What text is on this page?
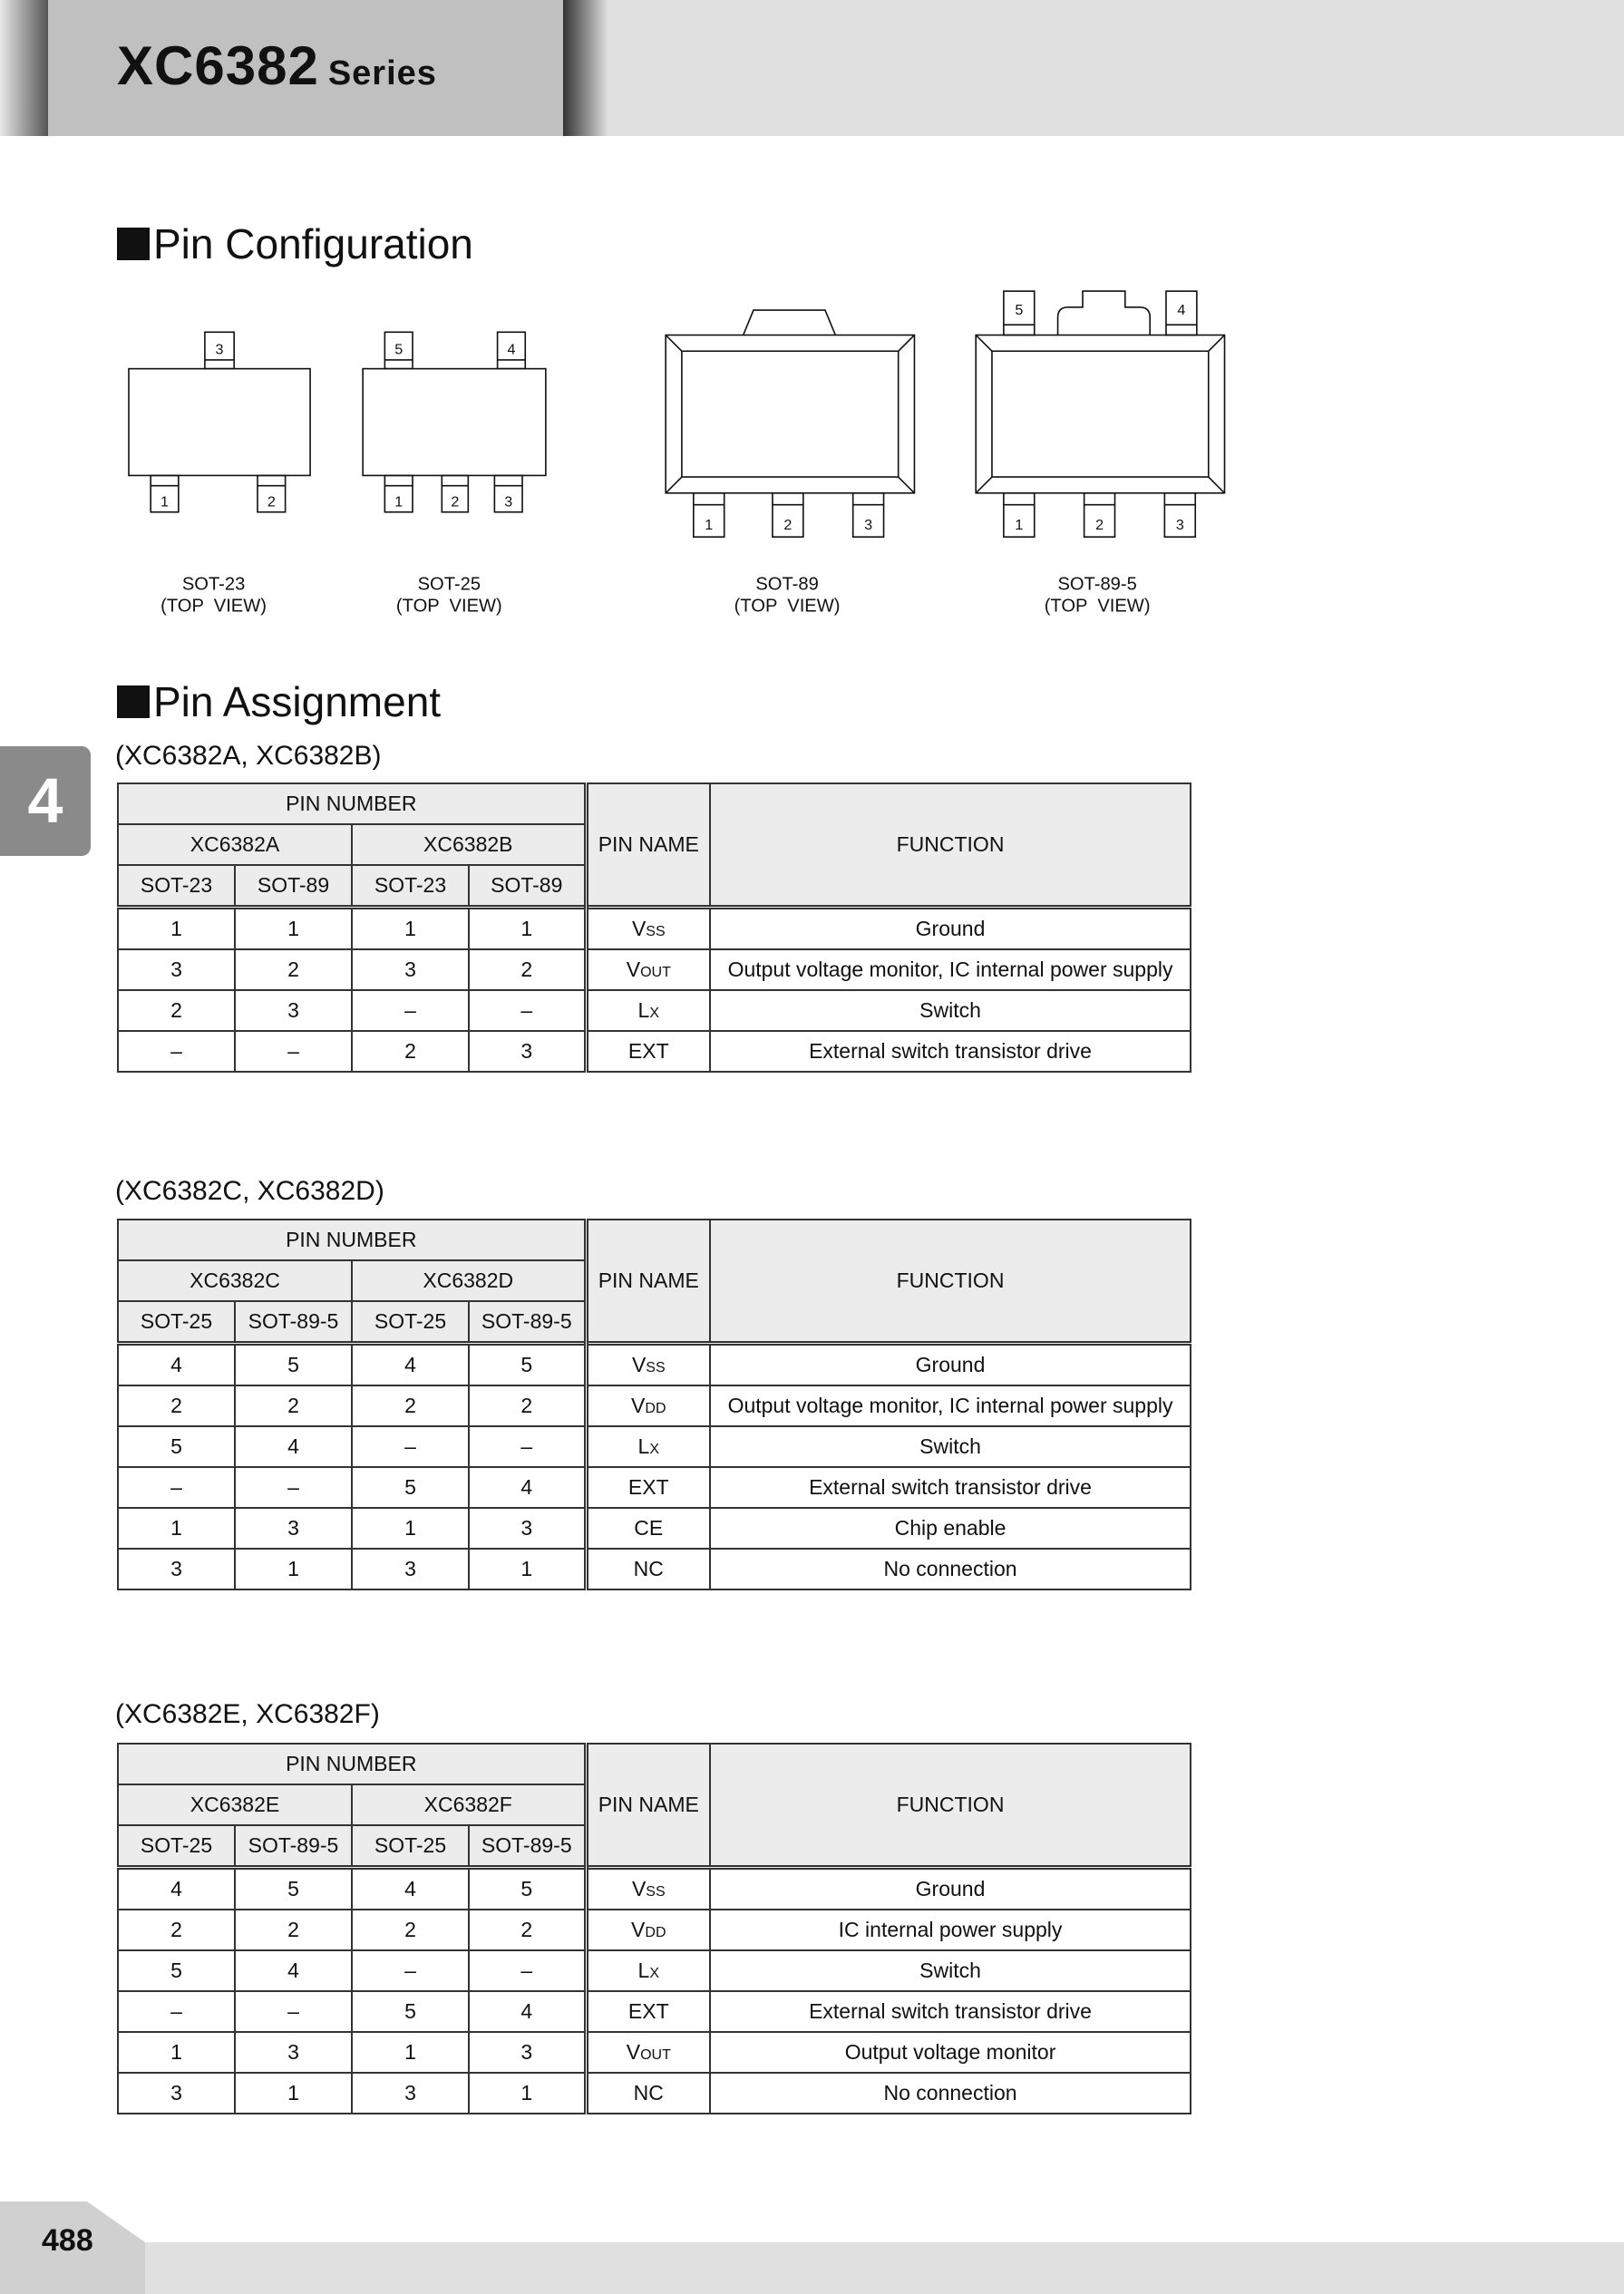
XC6382 Series
Pin Configuration
3
1	2
SOT-23
(TOP  VIEW)
5	4
1	2	3
SOT-25
(TOP  VIEW)
1	2	3
SOT-89
(TOP  VIEW)
5	4
1	2	3
SOT-89-5
(TOP  VIEW)
Pin Assignment
4
(XC6382A, XC6382B)
PIN NUMBER				PIN NAME	FUNCTION
XC6382A		XC6382B			
SOT-23	SOT-89	SOT-23	SOT-89		
1	1	1	1	VSS	Ground
3	2	3	2	VOUT	Output voltage monitor, IC internal power supply
2	3	–	–	LX	Switch
–	–	2	3	EXT	External switch transistor drive
(XC6382C, XC6382D)
PIN NUMBER				PIN NAME	FUNCTION
XC6382C		XC6382D			
SOT-25	SOT-89-5	SOT-25	SOT-89-5		
4	5	4	5	VSS	Ground
2	2	2	2	VDD	Output voltage monitor, IC internal power supply
5	4	–	–	LX	Switch
–	–	5	4	EXT	External switch transistor drive
1	3	1	3	CE	Chip enable
3	1	3	1	NC	No connection
(XC6382E, XC6382F)
PIN NUMBER				PIN NAME	FUNCTION
XC6382E		XC6382F			
SOT-25	SOT-89-5	SOT-25	SOT-89-5		
4	5	4	5	VSS	Ground
2	2	2	2	VDD	IC internal power supply
5	4	–	–	LX	Switch
–	–	5	4	EXT	External switch transistor drive
1	3	1	3	VOUT	Output voltage monitor
3	1	3	1	NC	No connection
488
